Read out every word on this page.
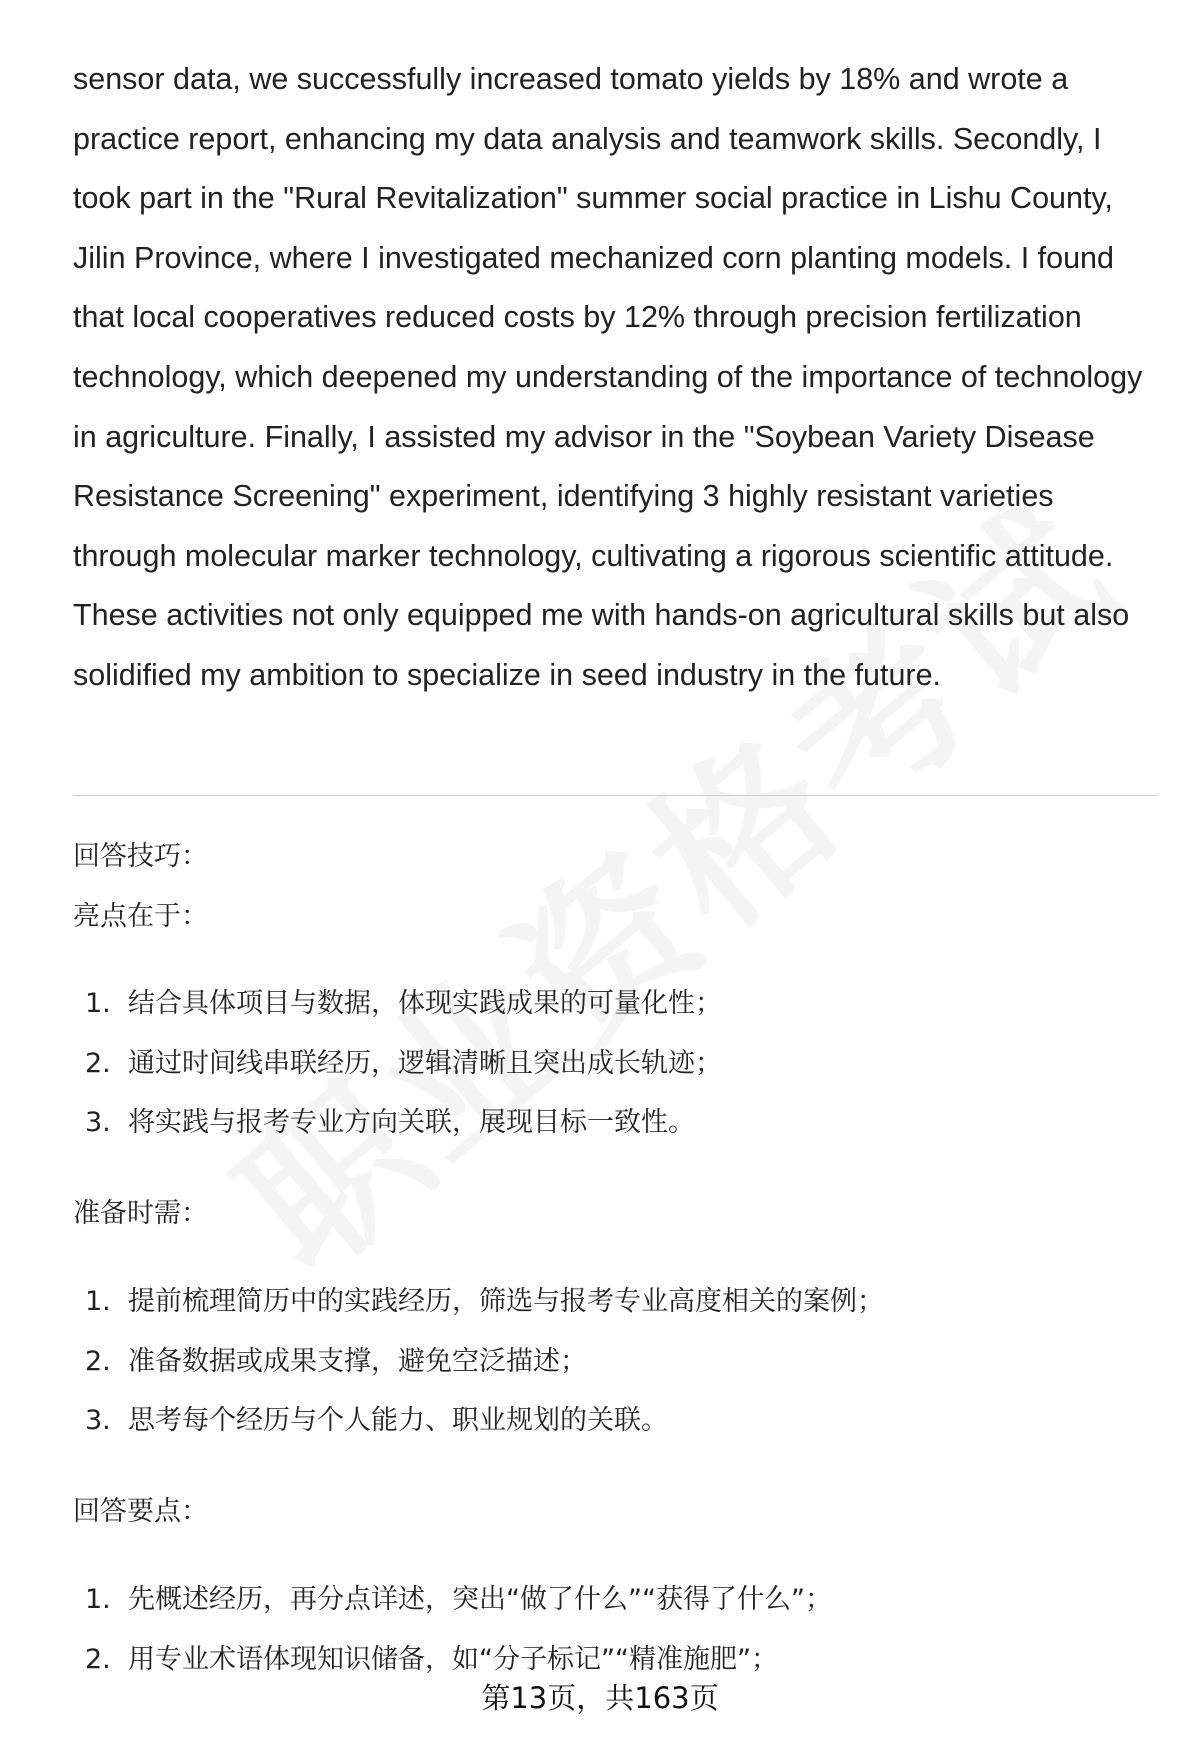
sensor data, we successfully increased tomato yields by 18% and wrote a practice report, enhancing my data analysis and teamwork skills. Secondly, I took part in the "Rural Revitalization" summer social practice in Lishu County, Jilin Province, where I investigated mechanized corn planting models. I found that local cooperatives reduced costs by 12% through precision fertilization technology, which deepened my understanding of the importance of technology in agriculture. Finally, I assisted my advisor in the "Soybean Variety Disease Resistance Screening" experiment, identifying 3 highly resistant varieties through molecular marker technology, cultivating a rigorous scientific attitude. These activities not only equipped me with hands-on agricultural skills but also solidified my ambition to specialize in seed industry in the future.

回答技巧：
亮点在于：
1. 结合具体项目与数据，体现实践成果的可量化性；
2. 通过时间线串联经历，逻辑清晰且突出成长轨迹；
3. 将实践与报考专业方向关联，展现目标一致性。
准备时需：
1. 提前梳理简历中的实践经历，筛选与报考专业高度相关的案例；
2. 准备数据或成果支撑，避免空泛描述；
3. 思考每个经历与个人能力、职业规划的关联。
回答要点：
1. 先概述经历，再分点详述，突出“做了什么”“获得了什么”；
2. 用专业术语体现知识储备，如“分子标记”“精准施肥”；
第13页，共163页
